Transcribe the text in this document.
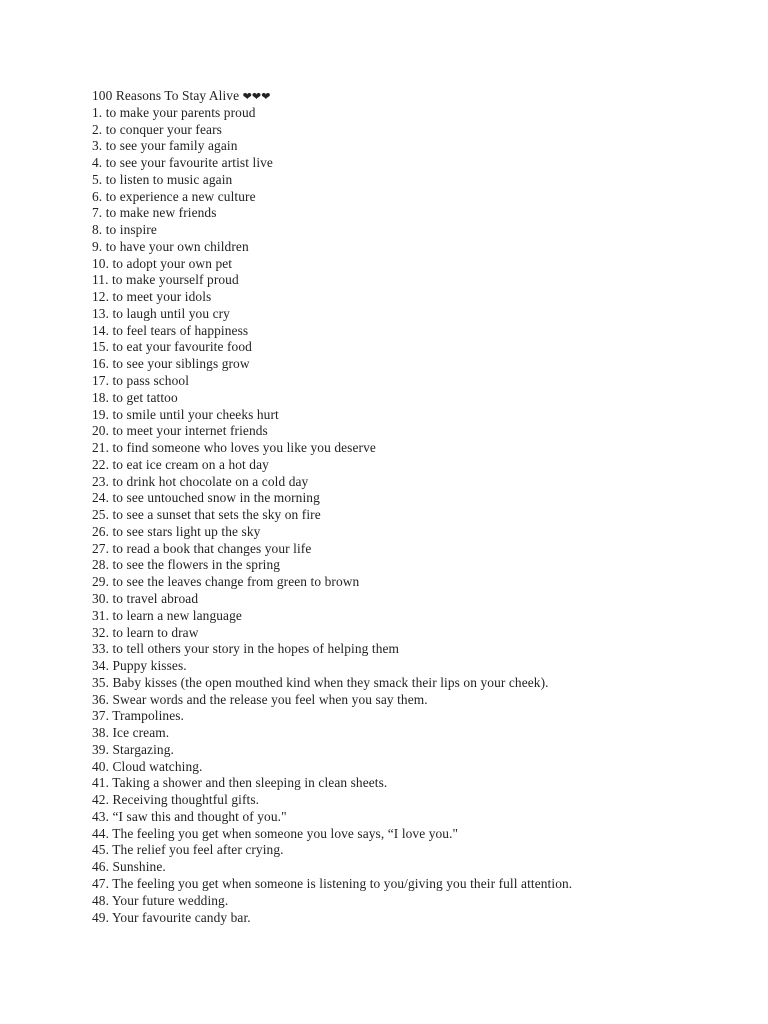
100 Reasons To Stay Alive ❤❤❤
1. to make your parents proud
2. to conquer your fears
3. to see your family again
4. to see your favourite artist live
5. to listen to music again
6. to experience a new culture
7. to make new friends
8. to inspire
9. to have your own children
10. to adopt your own pet
11. to make yourself proud
12. to meet your idols
13. to laugh until you cry
14. to feel tears of happiness
15. to eat your favourite food
16. to see your siblings grow
17. to pass school
18. to get tattoo
19. to smile until your cheeks hurt
20. to meet your internet friends
21. to find someone who loves you like you deserve
22. to eat ice cream on a hot day
23. to drink hot chocolate on a cold day
24. to see untouched snow in the morning
25. to see a sunset that sets the sky on fire
26. to see stars light up the sky
27. to read a book that changes your life
28. to see the flowers in the spring
29. to see the leaves change from green to brown
30. to travel abroad
31. to learn a new language
32. to learn to draw
33. to tell others your story in the hopes of helping them
34. Puppy kisses.
35. Baby kisses (the open mouthed kind when they smack their lips on your cheek).
36. Swear words and the release you feel when you say them.
37. Trampolines.
38. Ice cream.
39. Stargazing.
40. Cloud watching.
41. Taking a shower and then sleeping in clean sheets.
42. Receiving thoughtful gifts.
43. “I saw this and thought of you."
44. The feeling you get when someone you love says, “I love you."
45. The relief you feel after crying.
46. Sunshine.
47. The feeling you get when someone is listening to you/giving you their full attention.
48. Your future wedding.
49. Your favourite candy bar.
